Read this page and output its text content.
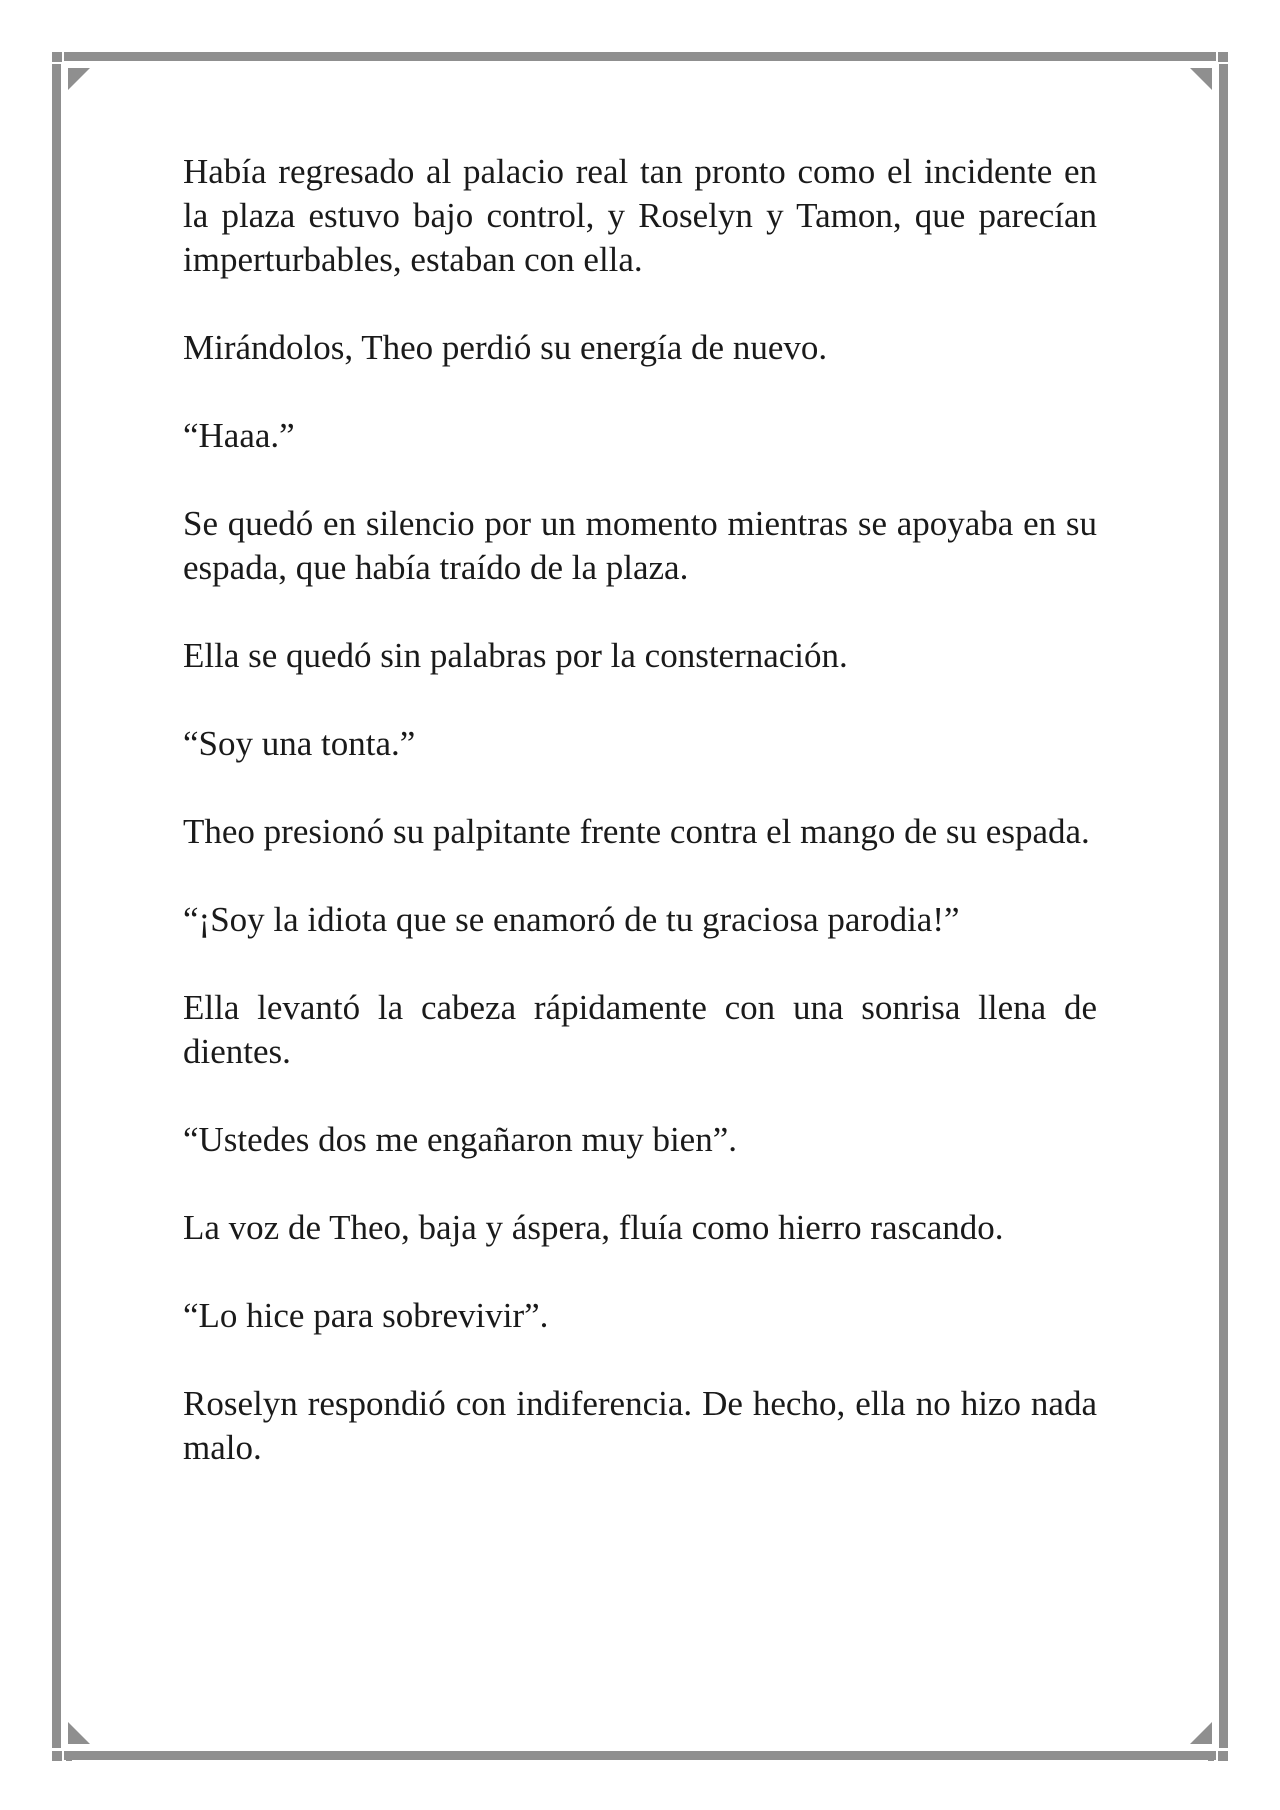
Había regresado al palacio real tan pronto como el incidente en la plaza estuvo bajo control, y Roselyn y Tamon, que parecían imperturbables, estaban con ella.

Mirándolos, Theo perdió su energía de nuevo.

“Haaa.”

Se quedó en silencio por un momento mientras se apoyaba en su espada, que había traído de la plaza.

Ella se quedó sin palabras por la consternación.

“Soy una tonta.”

Theo presionó su palpitante frente contra el mango de su espada.

“¡Soy la idiota que se enamoró de tu graciosa parodia!”

Ella levantó la cabeza rápidamente con una sonrisa llena de dientes.

“Ustedes dos me engañaron muy bien”.

La voz de Theo, baja y áspera, fluía como hierro rascando.

“Lo hice para sobrevivir”.

Roselyn respondió con indiferencia. De hecho, ella no hizo nada malo.
